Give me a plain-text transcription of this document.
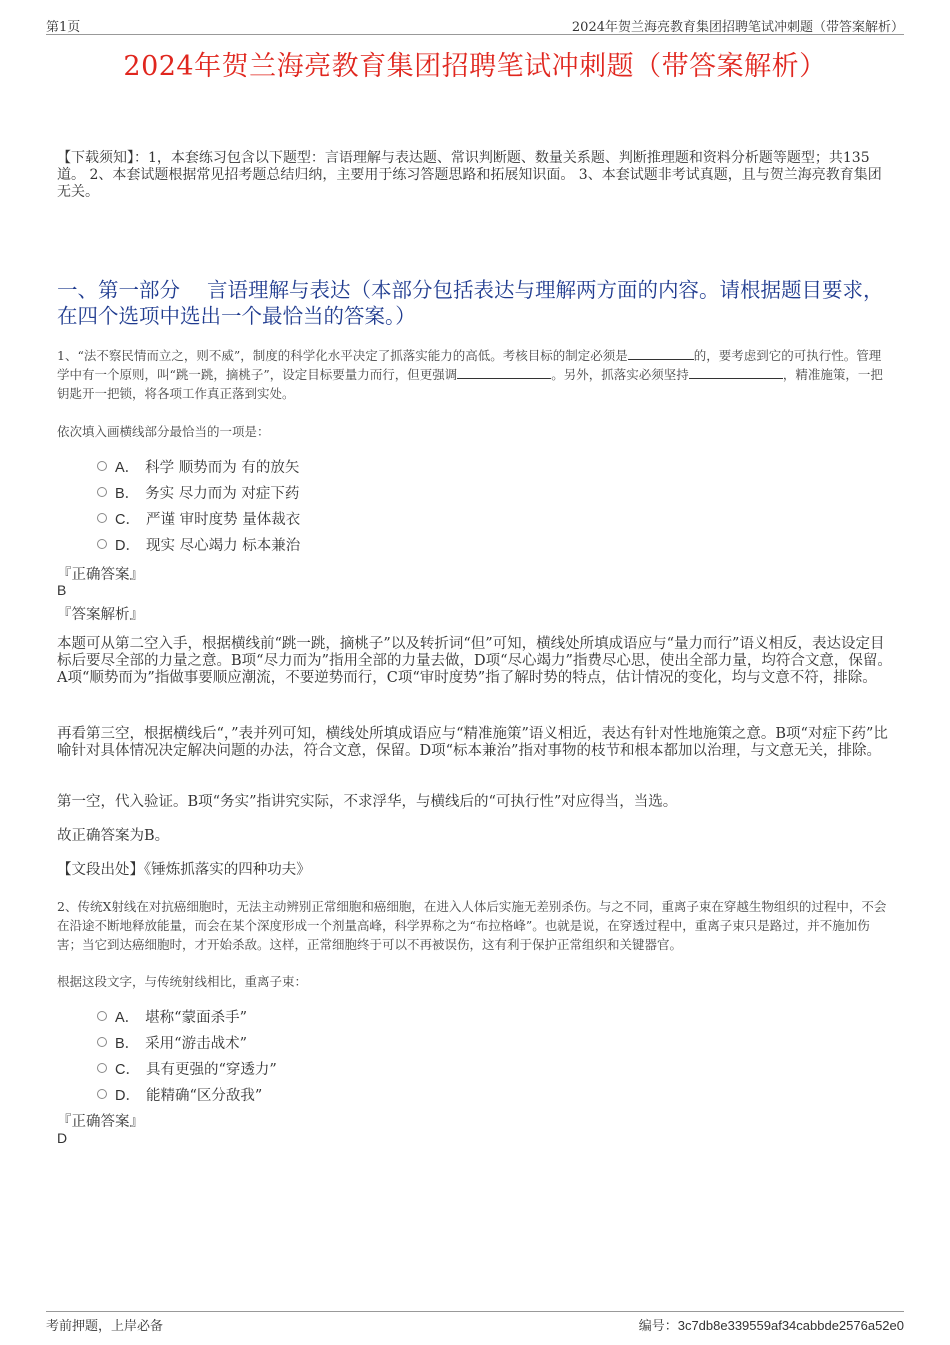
第1页	2024年贺兰海亮教育集团招聘笔试冲刺题（带答案解析）
2024年贺兰海亮教育集团招聘笔试冲刺题（带答案解析）
【下载须知】：1，本套练习包含以下题型：言语理解与表达题、常识判断题、数量关系题、判断推理题和资料分析题等题型；共135道。 2、本套试题根据常见招考题总结归纳，主要用于练习答题思路和拓展知识面。 3、本套试题非考试真题，且与贺兰海亮教育集团无关。
一、第一部分　 言语理解与表达（本部分包括表达与理解两方面的内容。请根据题目要求，在四个选项中选出一个最恰当的答案。）
1、“法不察民情而立之，则不威”，制度的科学化水平决定了抓落实能力的高低。考核目标的制定必须是	的，要考虑到它的可执行性。管理学中有一个原则，叫“跳一跳，摘桃子”，设定目标要量力而行，但更强调	。另外，抓落实必须坚持	，精准施策，一把钥匙开一把锁，将各项工作真正落到实处。
依次填入画横线部分最恰当的一项是：
A． 科学 顺势而为 有的放矢
B． 务实 尽力而为 对症下药
C． 严谨 审时度势 量体裁衣
D． 现实 尽心竭力 标本兼治
『正确答案』
B
『答案解析』
本题可从第二空入手，根据横线前“跳一跳，摘桃子”以及转折词“但”可知，横线处所填成语应与“量力而行”语义相反，表达设定目标后要尽全部的力量之意。B项“尽力而为”指用全部的力量去做，D项“尽心竭力”指费尽心思，使出全部力量，均符合文意，保留。A项“顺势而为”指做事要顺应潮流，不要逆势而行，C项“审时度势”指了解时势的特点，估计情况的变化，均与文意不符，排除。
再看第三空，根据横线后“，”表并列可知，横线处所填成语应与“精准施策”语义相近，表达有针对性地施策之意。B项“对症下药”比喻针对具体情况决定解决问题的办法，符合文意，保留。D项“标本兼治”指对事物的枝节和根本都加以治理，与文意无关，排除。
第一空，代入验证。B项“务实”指讲究实际，不求浮华，与横线后的“可执行性”对应得当，当选。
故正确答案为B。
【文段出处】《锤炼抓落实的四种功夫》
2、传统X射线在对抗癌细胞时，无法主动辨别正常细胞和癌细胞，在进入人体后实施无差别杀伤。与之不同，重离子束在穿越生物组织的过程中，不会在沿途不断地释放能量，而会在某个深度形成一个剂量高峰，科学界称之为“布拉格峰”。也就是说，在穿透过程中，重离子束只是路过，并不施加伤害；当它到达癌细胞时，才开始杀敌。这样，正常细胞终于可以不再被误伤，这有利于保护正常组织和关键器官。
根据这段文字，与传统射线相比，重离子束：
A． 堪称“蒙面杀手”
B． 采用“游击战术”
C． 具有更强的“穿透力”
D． 能精确“区分敌我”
『正确答案』
D
考前押题，上岸必备	编号：3c7db8e339559af34cabbde2576a52e0
